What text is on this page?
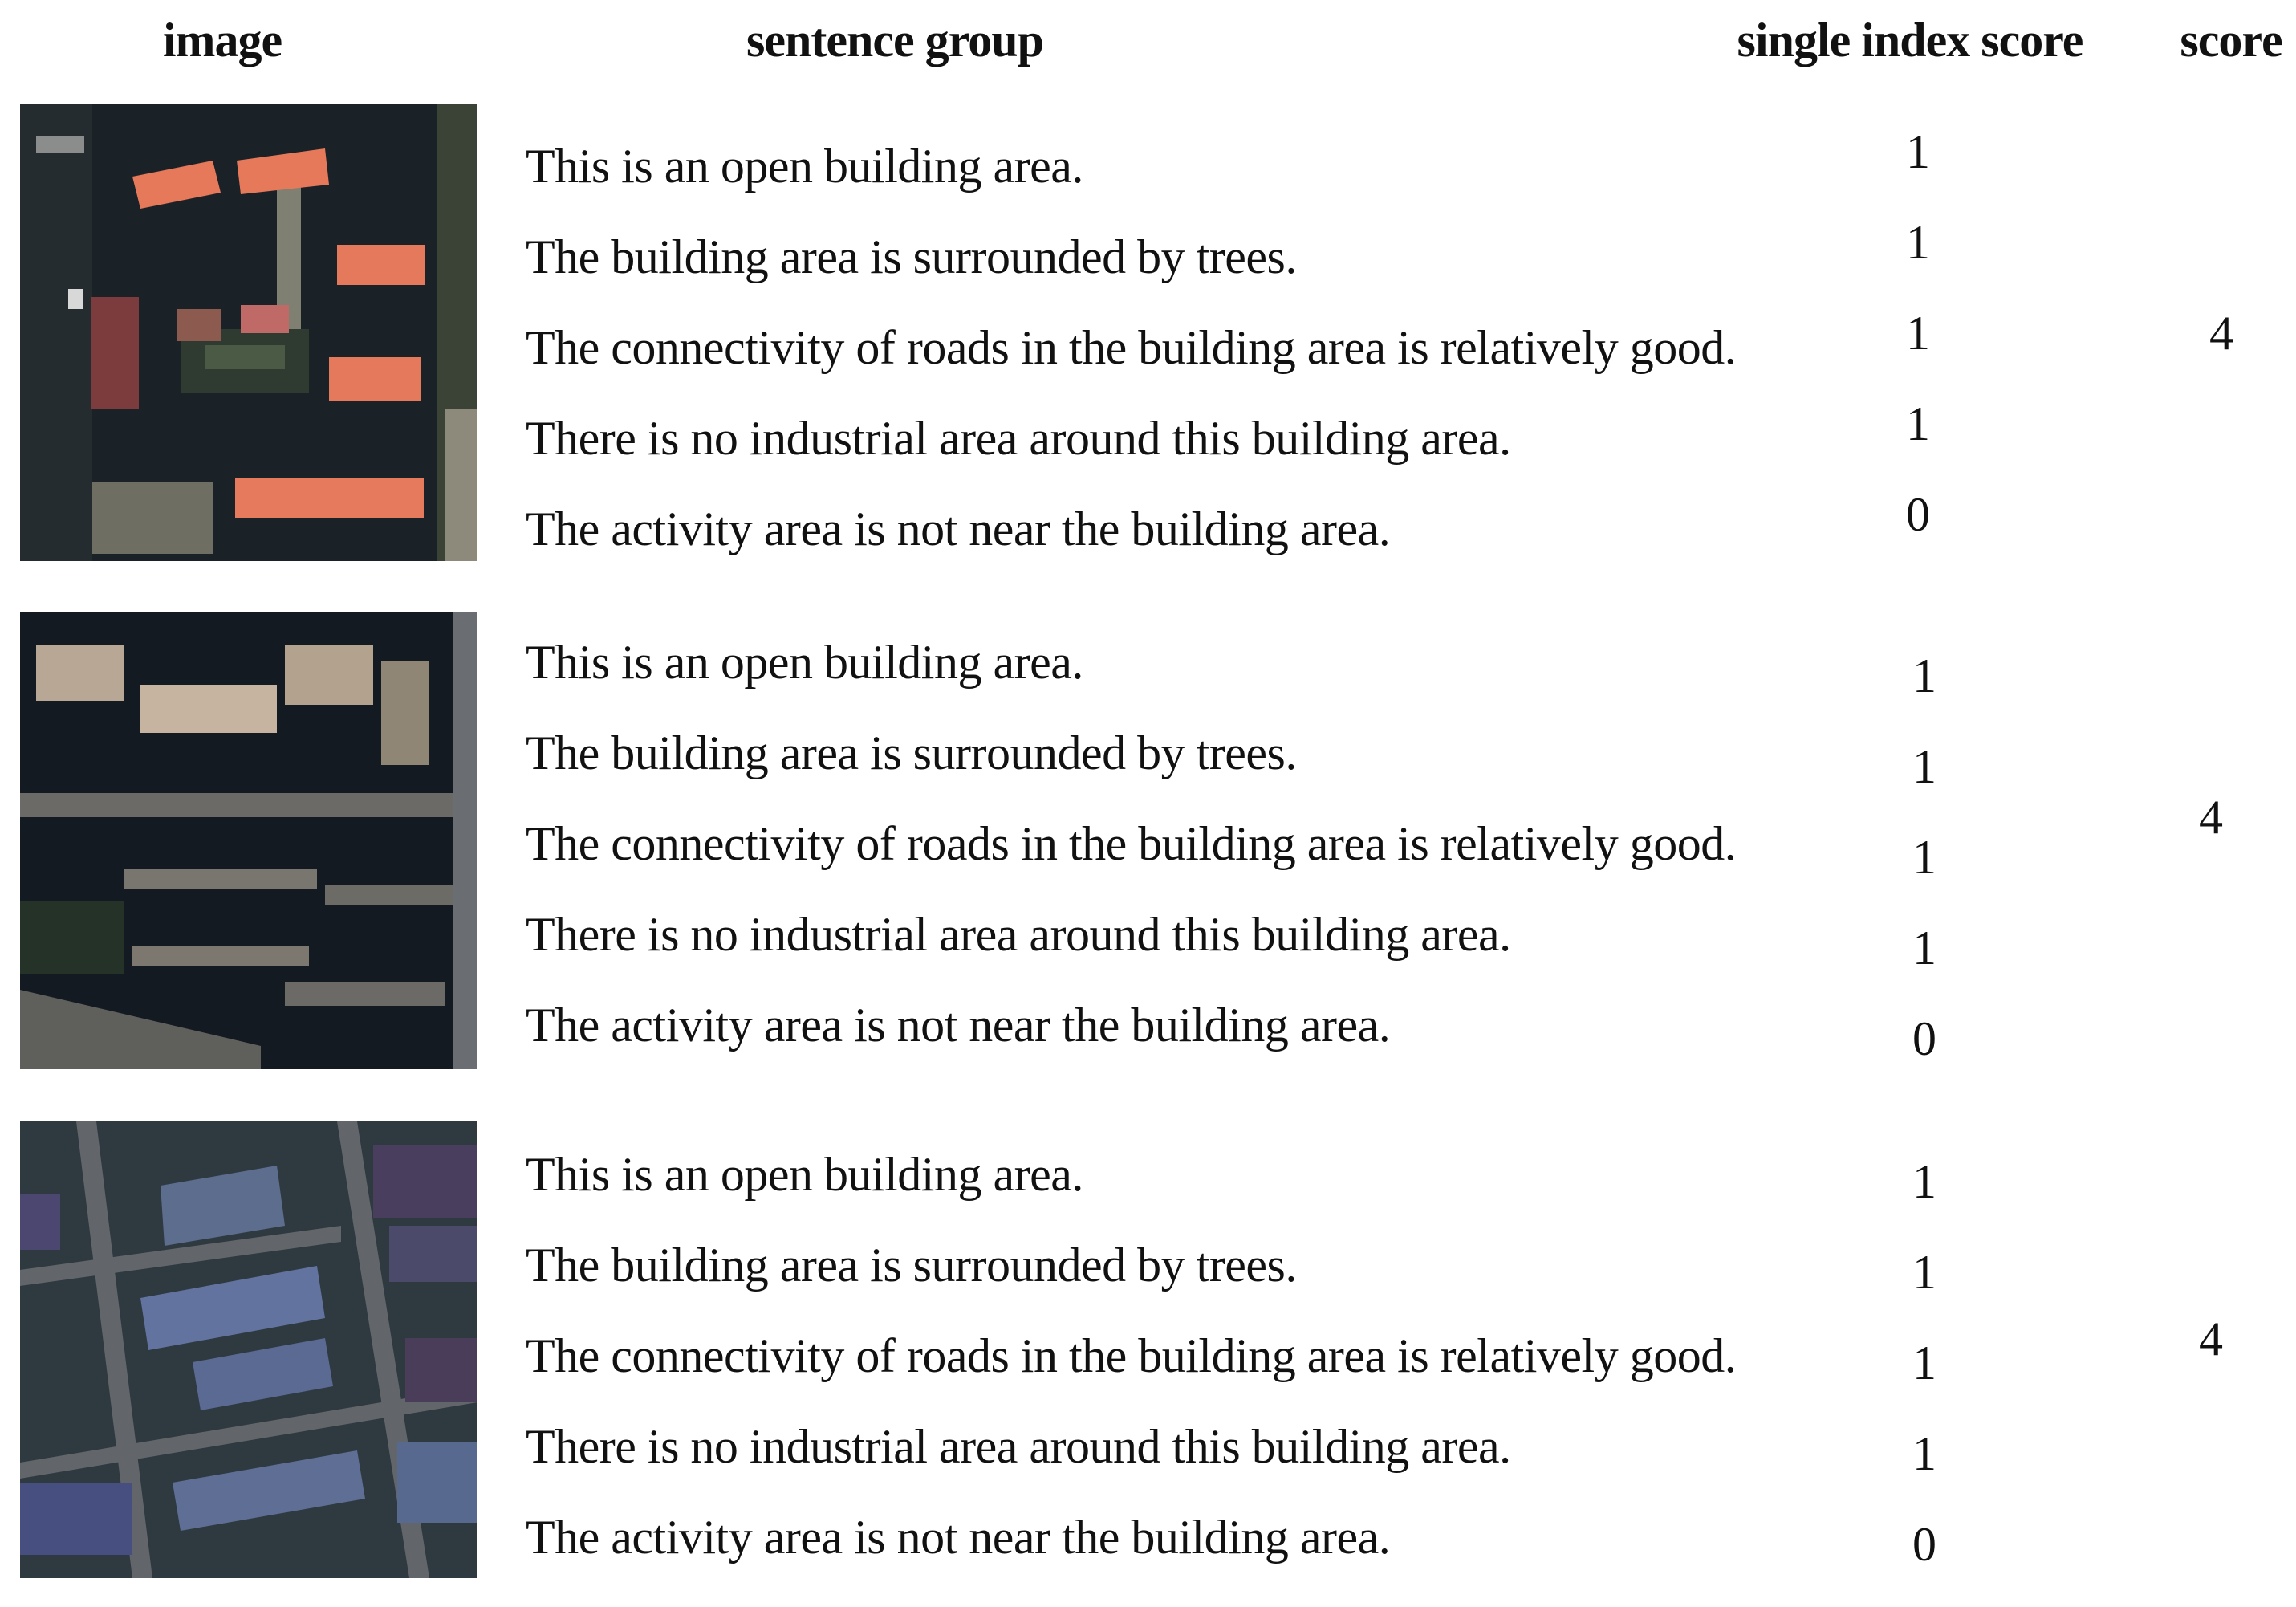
image	sentence group	single index score score
This is an open building area.
The building area is surrounded by trees.
The connectivity of roads in the building area is relatively good.
There is no industrial area around this building area.
The activity area is not near the building area.
1
1
1
1
0
4
This is an open building area.
The building area is surrounded by trees.
The connectivity of roads in the building area is relatively good.
There is no industrial area around this building area.
The activity area is not near the building area.
1
1
1
1
0
4
This is an open building area.
The building area is surrounded by trees.
The connectivity of roads in the building area is relatively good.
There is no industrial area around this building area.
The activity area is not near the building area.
1
1
1
1
0
4
